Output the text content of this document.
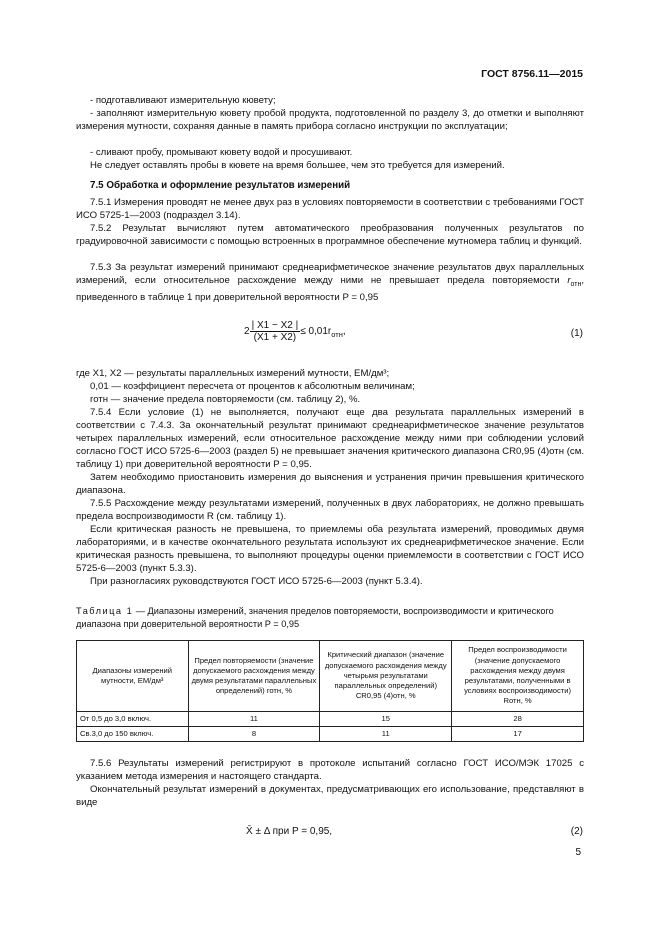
ГОСТ 8756.11—2015

- подготавливают измерительную кювету;

- заполняют измерительную кювету пробой продукта, подготовленной по разделу 3, до отметки и выполняют измерения мутности, сохраняя данные в память прибора согласно инструкции по эксплуатации;

- сливают пробу, промывают кювету водой и просушивают.

Не следует оставлять пробы в кювете на время большее, чем это требуется для измерений.

7.5 Обработка и оформление результатов измерений

7.5.1 Измерения проводят не менее двух раз в условиях повторяемости в соответствии с требованиями ГОСТ ИСО 5725-1—2003 (подраздел 3.14).

7.5.2 Результат вычисляют путем автоматического преобразования полученных результатов по градуировочной зависимости с помощью встроенных в программное обеспечение мутномера таблиц и функций.

7.5.3 За результат измерений принимают среднеарифметическое значение результатов двух параллельных измерений, если относительное расхождение между ними не превышает предела повторяемости $r_{отн}$, приведенного в таблице 1 при доверительной вероятности P = 0,95

$2 \frac{| X1 - X2 |}{(X1 + X2)} \le 0,01r_{отн}$,	(1)

где X1, X2 — результаты параллельных измерений мутности, ЕМ/дм³;

0,01 — коэффициент пересчета от процентов к абсолютным величинам;

rотн — значение предела повторяемости (см. таблицу 2), %.

7.5.4 Если условие (1) не выполняется, получают еще два результата параллельных измерений в соответствии с 7.4.3. За окончательный результат принимают среднеарифметическое значение результатов четырех параллельных измерений, если относительное расхождение между ними при соблюдении условий согласно ГОСТ ИСО 5725-6—2003 (раздел 5) не превышает значения критического диапазона CR0,95 (4)отн (см. таблицу 1) при доверительной вероятности P = 0,95.

Затем необходимо приостановить измерения до выяснения и устранения причин превышения критического диапазона.

7.5.5 Расхождение между результатами измерений, полученных в двух лабораториях, не должно превышать предела воспроизводимости R (см. таблицу 1).

Если критическая разность не превышена, то приемлемы оба результата измерений, проводимых двумя лабораториями, и в качестве окончательного результата используют их среднеарифметическое значение. Если критическая разность превышена, то выполняют процедуры оценки приемлемости в соответствии с ГОСТ ИСО 5725-6—2003 (пункт 5.3.3).

При разногласиях руководствуются ГОСТ ИСО 5725-6—2003 (пункт 5.3.4).

Таблица 1 — Диапазоны измерений, значения пределов повторяемости, воспроизводимости и критического диапазона при доверительной вероятности P = 0,95
Диапазоны измерений мутности, ЕМ/дм³	Предел повторяемости (значение допускаемого расхождения между двумя результатами параллельных определений) rотн, %	Критический диапазон (значение допускаемого расхождения между четырьмя результатами параллельных определений) CR0,95 (4)отн, %	Предел воспроизводимости (значение допускаемого расхождения между двумя результатами, полученными в условиях воспроизводимости) Rотн, %
От 0,5 до 3,0 включ.	11	15	28
Св.3,0 до 150 включ.	8	11	17

7.5.6 Результаты измерений регистрируют в протоколе испытаний согласно ГОСТ ИСО/МЭК 17025 с указанием метода измерения и настоящего стандарта.

Окончательный результат измерений в документах, предусматривающих его использование, представляют в виде

X̄ ± Δ при P = 0,95,	(2)
5
